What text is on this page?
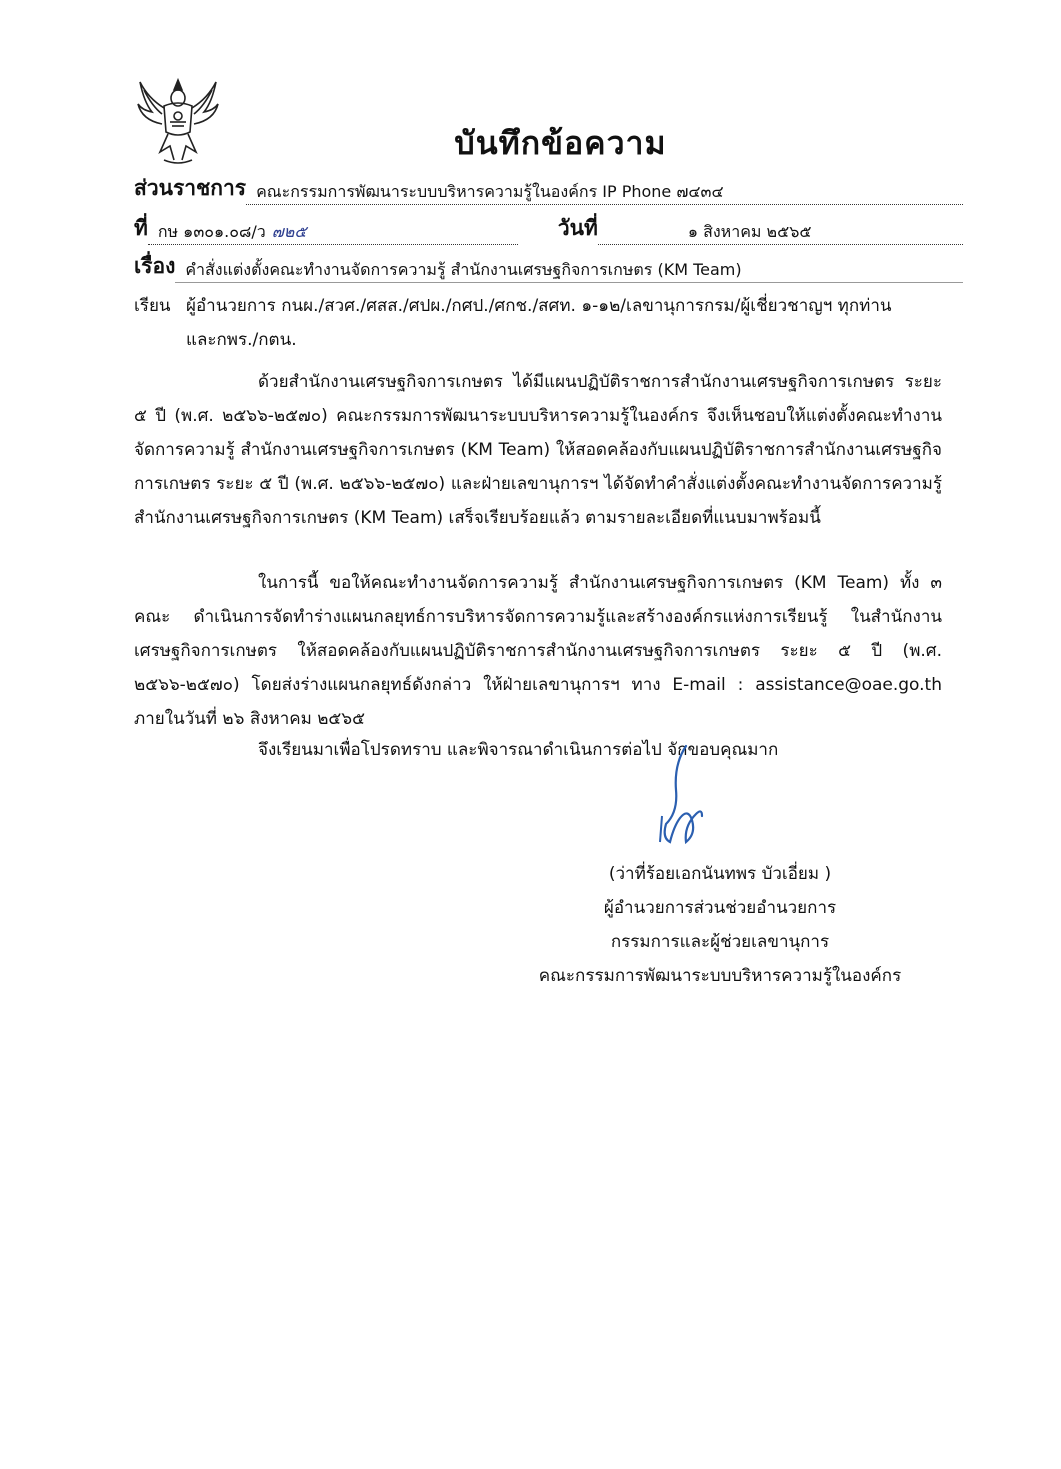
บันทึกข้อความ
ส่วนราชการ คณะกรรมการพัฒนาระบบบริหารความรู้ในองค์กร IP Phone ๗๔๓๔
ที่ กษ ๑๓๐๑.๐๘/ว ๗๒๕	วันที่	๑ สิงหาคม ๒๕๖๕
เรื่อง คำสั่งแต่งตั้งคณะทำงานจัดการความรู้ สำนักงานเศรษฐกิจการเกษตร (KM Team)
เรียน ผู้อำนวยการ กนผ./สวศ./ศสส./ศปผ./กศป./ศกช./สศท. ๑-๑๒/เลขานุการกรม/ผู้เชี่ยวชาญฯ ทุกท่าน
และกพร./กตน.
ด้วยสำนักงานเศรษฐกิจการเกษตร ได้มีแผนปฏิบัติราชการสำนักงานเศรษฐกิจการเกษตร ระยะ ๕ ปี (พ.ศ. ๒๕๖๖-๒๕๗๐) คณะกรรมการพัฒนาระบบบริหารความรู้ในองค์กร จึงเห็นชอบให้แต่งตั้งคณะทำงานจัดการความรู้ สำนักงานเศรษฐกิจการเกษตร (KM Team) ให้สอดคล้องกับแผนปฏิบัติราชการสำนักงานเศรษฐกิจการเกษตร ระยะ ๕ ปี (พ.ศ. ๒๕๖๖-๒๕๗๐) และฝ่ายเลขานุการฯ ได้จัดทำคำสั่งแต่งตั้งคณะทำงานจัดการความรู้ สำนักงานเศรษฐกิจการเกษตร (KM Team) เสร็จเรียบร้อยแล้ว ตามรายละเอียดที่แนบมาพร้อมนี้
ในการนี้ ขอให้คณะทำงานจัดการความรู้ สำนักงานเศรษฐกิจการเกษตร (KM Team) ทั้ง ๓ คณะ ดำเนินการจัดทำร่างแผนกลยุทธ์การบริหารจัดการความรู้และสร้างองค์กรแห่งการเรียนรู้ ในสำนักงานเศรษฐกิจการเกษตร ให้สอดคล้องกับแผนปฏิบัติราชการสำนักงานเศรษฐกิจการเกษตร ระยะ ๕ ปี (พ.ศ. ๒๕๖๖-๒๕๗๐) โดยส่งร่างแผนกลยุทธ์ดังกล่าว ให้ฝ่ายเลขานุการฯ ทาง E-mail : assistance@oae.go.th ภายในวันที่ ๒๖ สิงหาคม ๒๕๖๕
จึงเรียนมาเพื่อโปรดทราบ และพิจารณาดำเนินการต่อไป จักขอบคุณมาก
(ว่าที่ร้อยเอกนันทพร บัวเอี่ยม )
ผู้อำนวยการส่วนช่วยอำนวยการ
กรรมการและผู้ช่วยเลขานุการ
คณะกรรมการพัฒนาระบบบริหารความรู้ในองค์กร
